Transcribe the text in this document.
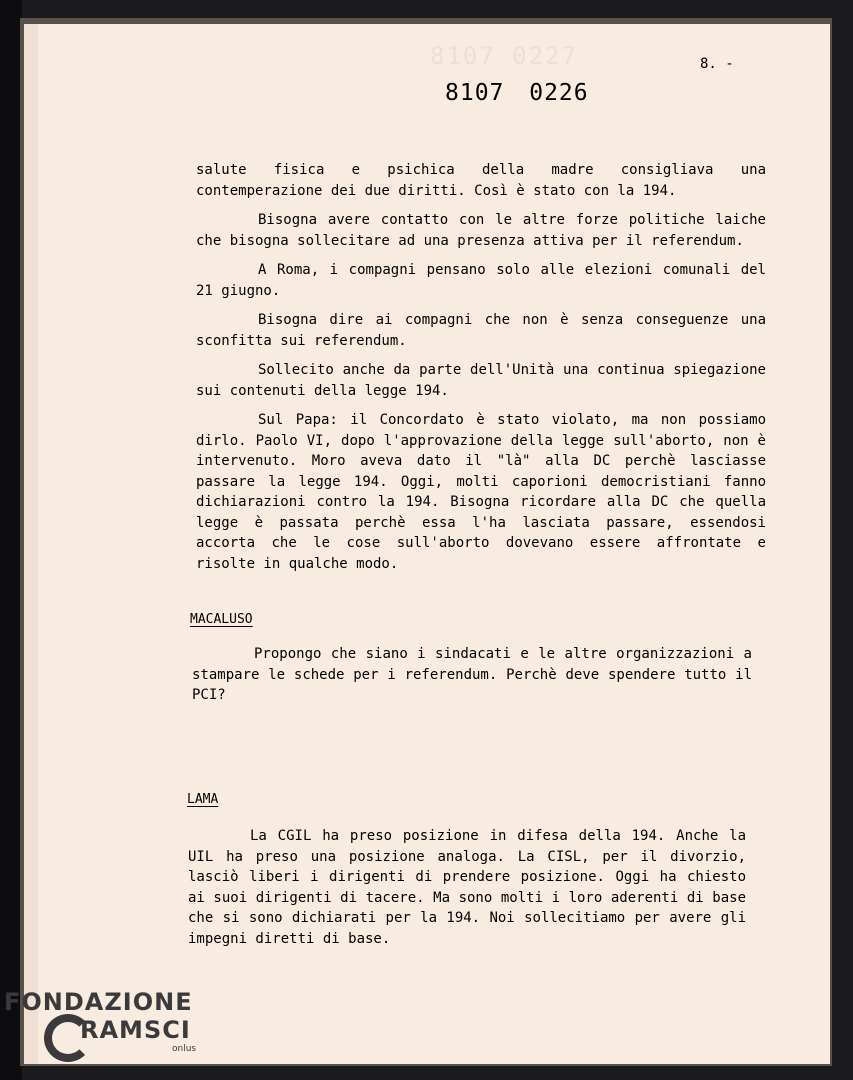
8107 0227	8. -
8107 0226

salute fisica e psichica della madre consigliava una contemperazione dei due diritti. Così è stato con la 194.

Bisogna avere contatto con le altre forze politiche laiche che bisogna sollecitare ad una presenza attiva per il referendum.

A Roma, i compagni pensano solo alle elezioni comunali del 21 giugno.

Bisogna dire ai compagni che non è senza conseguenze una sconfitta sui referendum.

Sollecito anche da parte dell'Unità una continua spiegazione sui contenuti della legge 194.

Sul Papa: il Concordato è stato violato, ma non possiamo dirlo. Paolo VI, dopo l'approvazione della legge sull'aborto, non è intervenuto. Moro aveva dato il "là" alla DC perchè lasciasse passare la legge 194. Oggi, molti caporioni democristiani fanno dichiarazioni contro la 194. Bisogna ricordare alla DC che quella legge è passata perchè essa l'ha lasciata passare, essendosi accorta che le cose sull'aborto dovevano essere affrontate e risolte in qualche modo.

MACALUSO

Propongo che siano i sindacati e le altre organizzazioni a stampare le schede per i referendum. Perchè deve spendere tutto il PCI?

LAMA

La CGIL ha preso posizione in difesa della 194. Anche la UIL ha preso una posizione analoga. La CISL, per il divorzio, lasciò liberi i dirigenti di prendere posizione. Oggi ha chiesto ai suoi dirigenti di tacere. Ma sono molti i loro aderenti di base che si sono dichiarati per la 194. Noi sollecitiamo per avere gli impegni diretti di base.

FONDAZIONE
RAMSCI
onlus
